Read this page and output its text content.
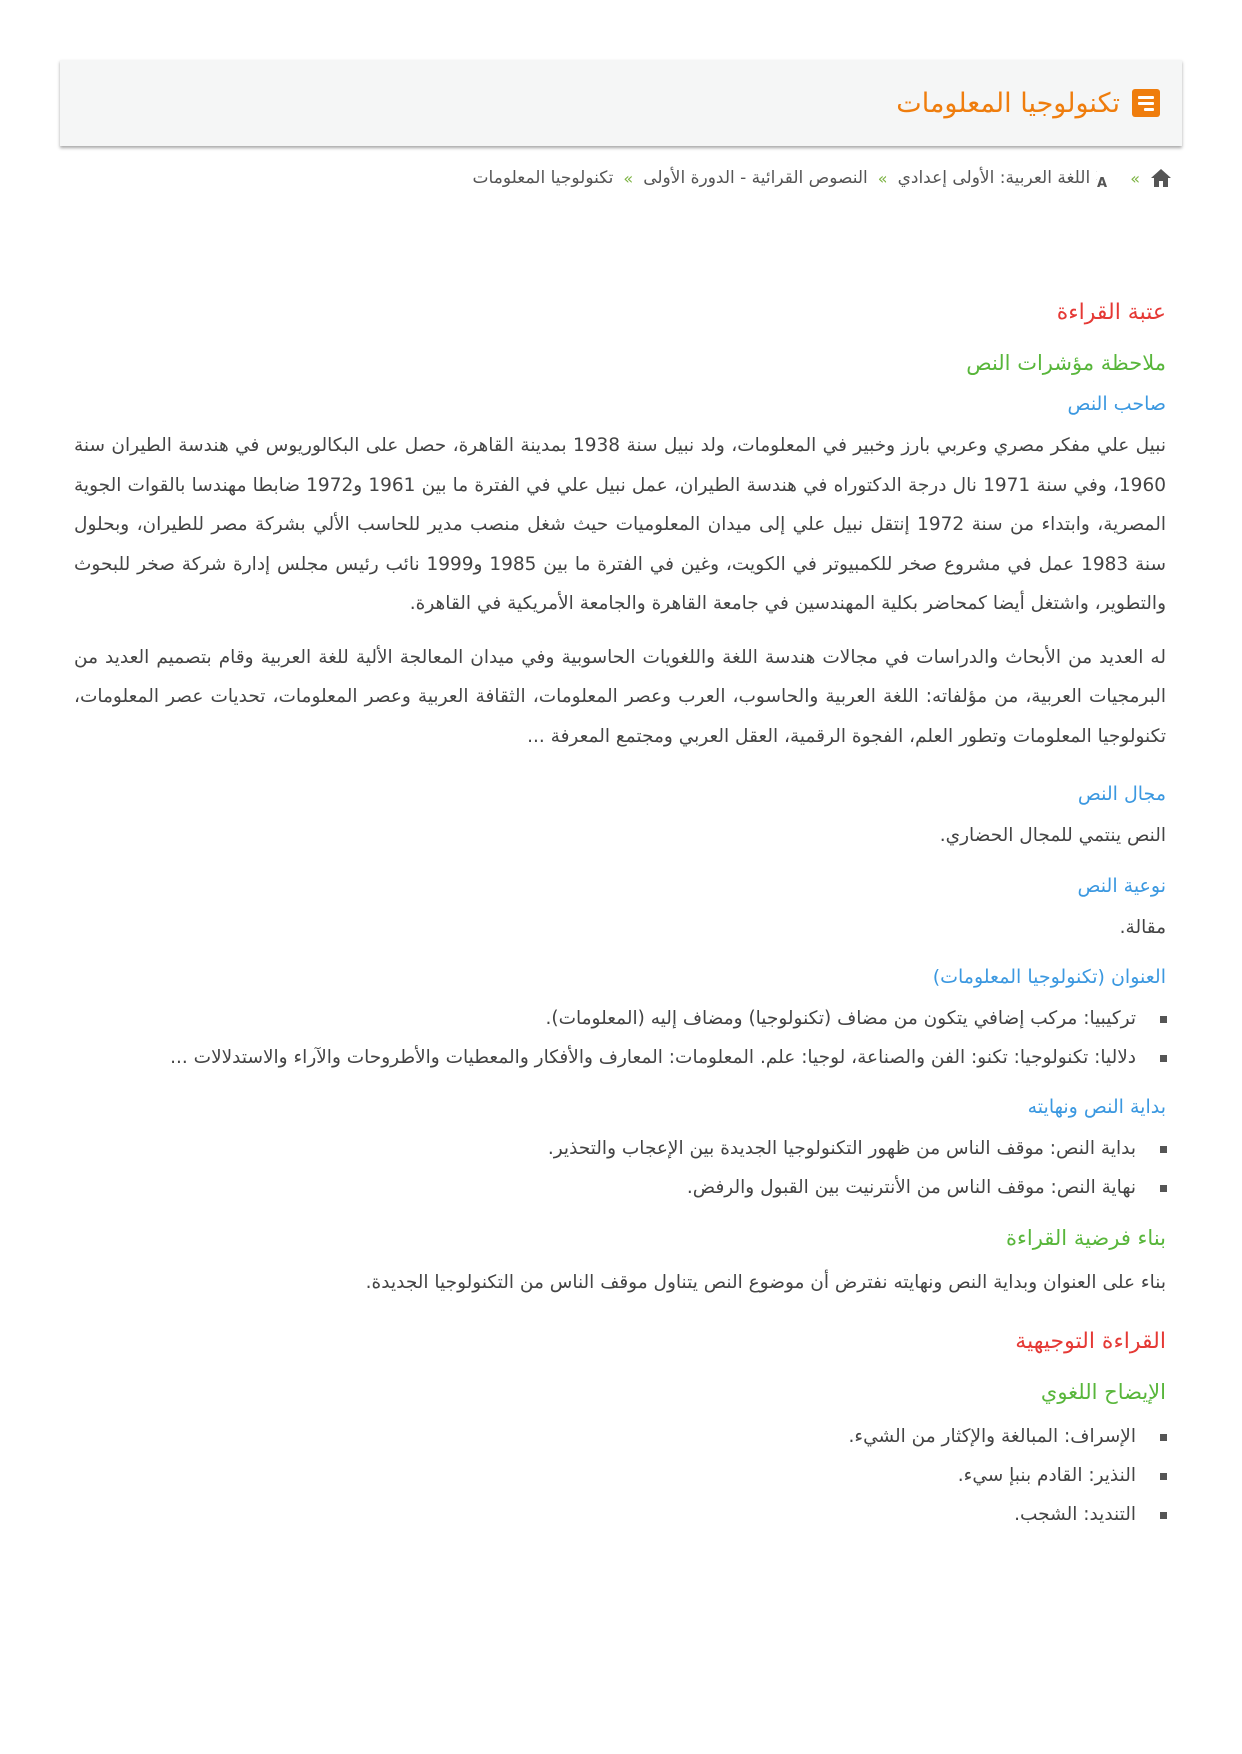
تكنولوجيا المعلومات
»
A
اللغة العربية: الأولى إعدادي
»
النصوص القرائية - الدورة الأولى
»
تكنولوجيا المعلومات
عتبة القراءة
ملاحظة مؤشرات النص
صاحب النص

نبيل علي مفكر مصري وعربي بارز وخبير في المعلومات، ولد نبيل سنة 1938 بمدينة القاهرة، حصل على البكالوريوس في هندسة الطيران سنة 1960، وفي سنة 1971 نال درجة الدكتوراه في هندسة الطيران، عمل نبيل علي في الفترة ما بين 1961 و1972 ضابطا مهندسا بالقوات الجوية المصرية، وابتداء من سنة 1972 إنتقل نبيل علي إلى ميدان المعلوميات حيث شغل منصب مدير للحاسب الألي بشركة مصر للطيران، وبحلول سنة 1983 عمل في مشروع صخر للكمبيوتر في الكويت، وغين في الفترة ما بين 1985 و1999 نائب رئيس مجلس إدارة شركة صخر للبحوث والتطوير، واشتغل أيضا كمحاضر بكلية المهندسين في جامعة القاهرة والجامعة الأمريكية في القاهرة.

له العديد من الأبحاث والدراسات في مجالات هندسة اللغة واللغويات الحاسوبية وفي ميدان المعالجة الألية للغة العربية وقام بتصميم العديد من البرمجيات العربية، من مؤلفاته: اللغة العربية والحاسوب، العرب وعصر المعلومات، الثقافة العربية وعصر المعلومات، تحديات عصر المعلومات، تكنولوجيا المعلومات وتطور العلم، الفجوة الرقمية، العقل العربي ومجتمع المعرفة ...

مجال النص

النص ينتمي للمجال الحضاري.

نوعية النص

مقالة.

العنوان (تكنولوجيا المعلومات)
تركيبيا: مركب إضافي يتكون من مضاف (تكنولوجيا) ومضاف إليه (المعلومات).
دلاليا: تكنولوجيا: تكنو: الفن والصناعة، لوجيا: علم. المعلومات: المعارف والأفكار والمعطيات والأطروحات والآراء والاستدلالات ...
بداية النص ونهايته
بداية النص: موقف الناس من ظهور التكنولوجيا الجديدة بين الإعجاب والتحذير.
نهاية النص: موقف الناس من الأنترنيت بين القبول والرفض.
بناء فرضية القراءة

بناء على العنوان وبداية النص ونهايته نفترض أن موضوع النص يتناول موقف الناس من التكنولوجيا الجديدة.

القراءة التوجيهية
الإيضاح اللغوي
الإسراف: المبالغة والإكثار من الشيء.
النذير: القادم بنبإ سيء.
التنديد: الشجب.
